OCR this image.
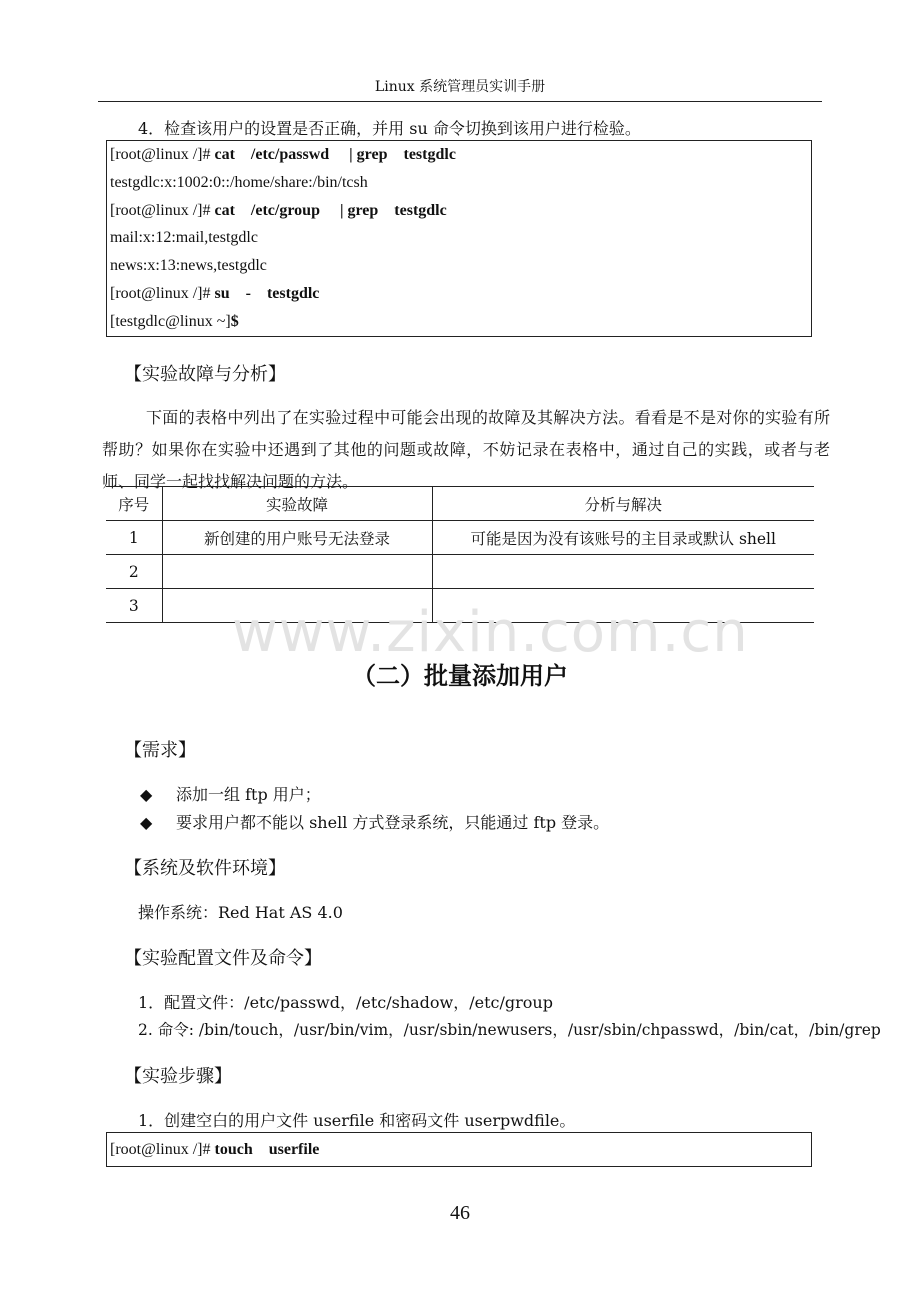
Linux 系统管理员实训手册
4．检查该用户的设置是否正确，并用 su 命令切换到该用户进行检验。
[root@linux /]# cat    /etc/passwd     | grep    testgdlc
testgdlc:x:1002:0::/home/share:/bin/tcsh
[root@linux /]# cat    /etc/group     | grep    testgdlc
mail:x:12:mail,testgdlc
news:x:13:news,testgdlc
[root@linux /]# su    -    testgdlc
[testgdlc@linux ~]$
【实验故障与分析】
下面的表格中列出了在实验过程中可能会出现的故障及其解决方法。看看是不是对你的实验有所帮助？如果你在实验中还遇到了其他的问题或故障，不妨记录在表格中，通过自己的实践，或者与老师、同学一起找找解决问题的方法。
序号	实验故障	分析与解决
1	新创建的用户账号无法登录	可能是因为没有该账号的主目录或默认 shell
2		
3		www.zixin.com.cn
（二）批量添加用户
【需求】
◆ 添加一组 ftp 用户；
◆ 要求用户都不能以 shell 方式登录系统，只能通过 ftp 登录。
【系统及软件环境】
操作系统：Red Hat AS 4.0
【实验配置文件及命令】
1．配置文件：/etc/passwd，/etc/shadow，/etc/group
2. 命令: /bin/touch，/usr/bin/vim，/usr/sbin/newusers，/usr/sbin/chpasswd，/bin/cat，/bin/grep
【实验步骤】
1．创建空白的用户文件 userfile 和密码文件 userpwdfile。
[root@linux /]# touch    userfile
46
